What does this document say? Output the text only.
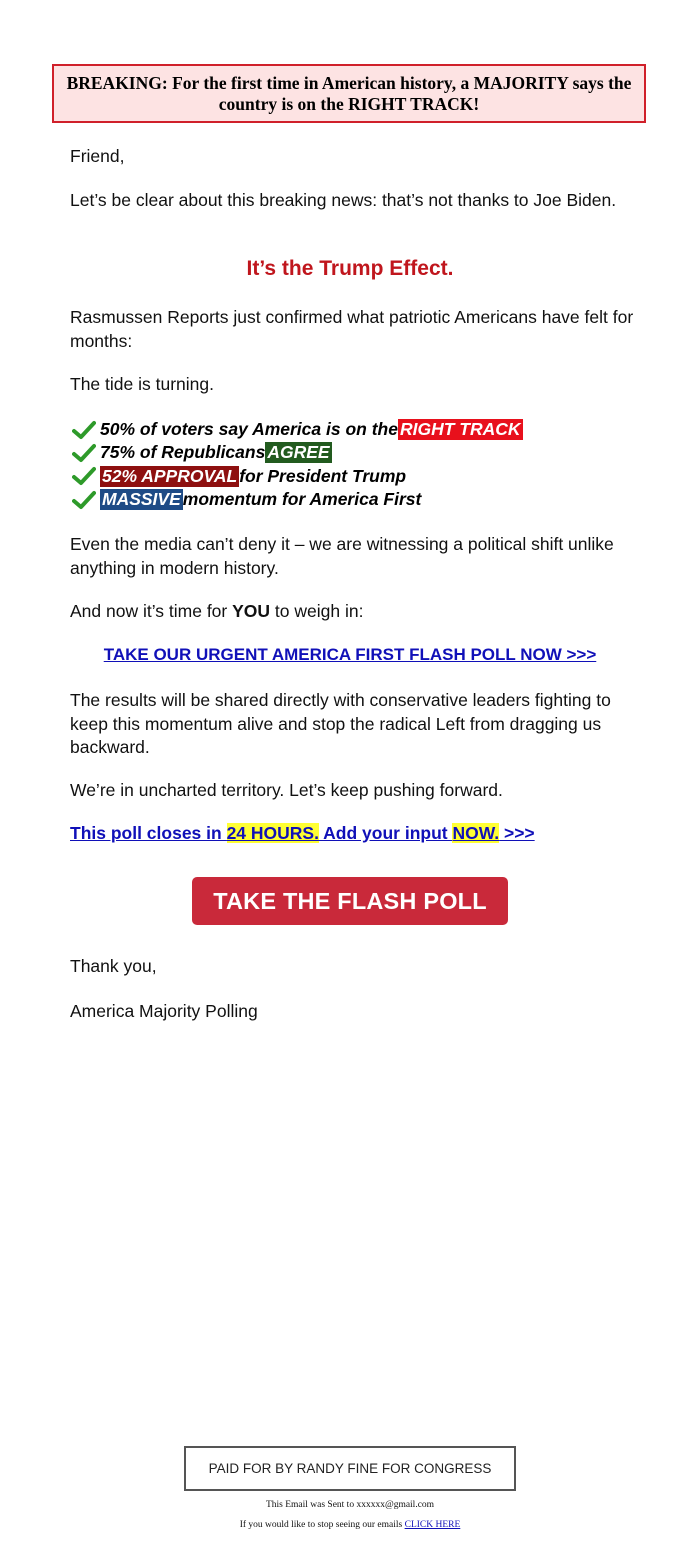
BREAKING: For the first time in American history, a MAJORITY says the country is on the RIGHT TRACK!
Friend,
Let’s be clear about this breaking news: that’s not thanks to Joe Biden.
It’s the Trump Effect.
Rasmussen Reports just confirmed what patriotic Americans have felt for months:
The tide is turning.
50% of voters say America is on the RIGHT TRACK
75% of Republicans AGREE
52% APPROVAL for President Trump
MASSIVE momentum for America First
Even the media can’t deny it – we are witnessing a political shift unlike anything in modern history.
And now it’s time for YOU to weigh in:
TAKE OUR URGENT AMERICA FIRST FLASH POLL NOW >>>
The results will be shared directly with conservative leaders fighting to keep this momentum alive and stop the radical Left from dragging us backward.
We’re in uncharted territory. Let’s keep pushing forward.
This poll closes in 24 HOURS. Add your input NOW. >>>
TAKE THE FLASH POLL
Thank you,
America Majority Polling
PAID FOR BY RANDY FINE FOR CONGRESS
This Email was Sent to xxxxxx@gmail.com
If you would like to stop seeing our emails CLICK HERE
